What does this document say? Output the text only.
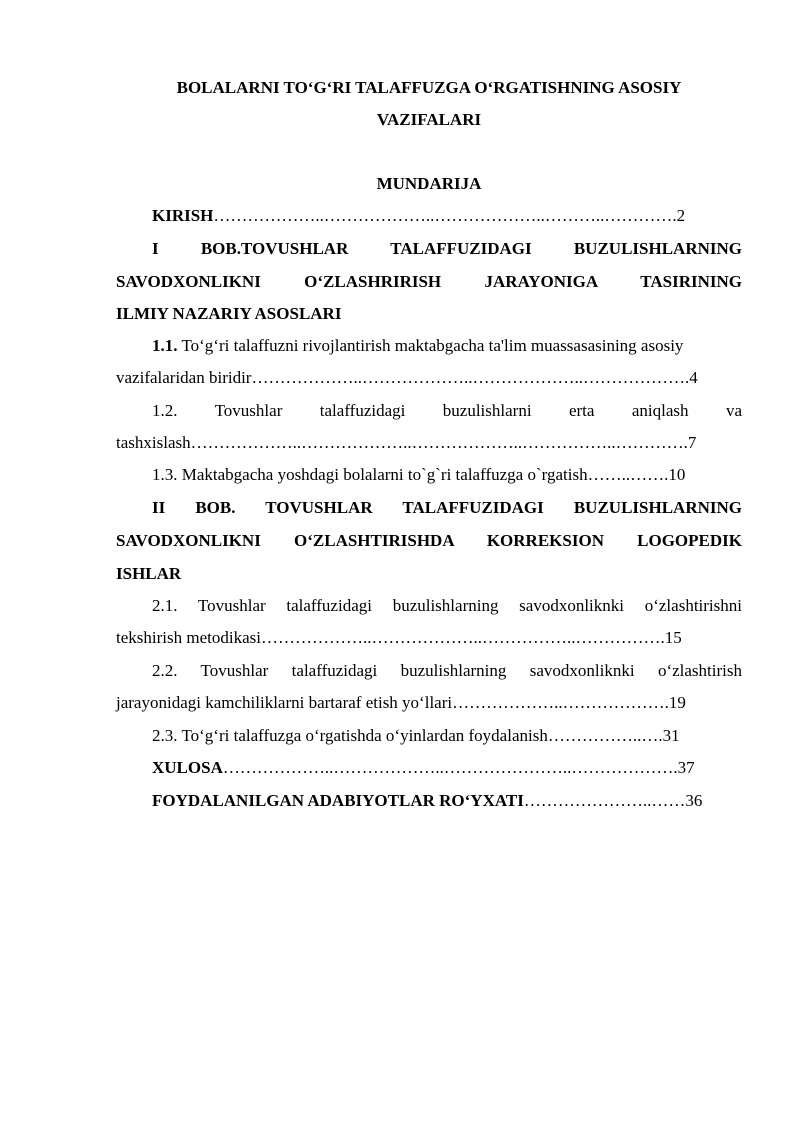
BOLALARNI TO‘G‘RI TALAFFUZGA O‘RGATISHNING ASOSIY
VAZIFALARI
MUNDARIJA
KIRISH………………..………………..………………..………..………….2
I BOB.TOVUSHLAR TALAFFUZIDAGI BUZULISHLARNING
SAVODXONLIKNI O‘ZLASHRIRISH JARAYONIGA TASIRINING
ILMIY NAZARIY ASOSLARI
1.1. To‘g‘ri talaffuzni rivojlantirish maktabgacha ta'lim muassasasining asosiy
vazifalaridan biridir………………..………………..………………..……………….4
1.2. Tovushlar talaffuzidagi buzulishlarni erta aniqlash va
tashxislash………………..………………..………………..……………..………….7
1.3. Maktabgacha yoshdagi bolalarni to`g`ri talaffuzga o`rgatish……..…….10
II BOB. TOVUSHLAR TALAFFUZIDAGI BUZULISHLARNING
SAVODXONLIKNI O‘ZLASHTIRISHDA KORREKSION LOGOPEDIK
ISHLAR
2.1. Tovushlar talaffuzidagi buzulishlarning savodxonliknki o‘zlashtirishni
tekshirish metodikasi………………..………………..……………..…………….15
2.2. Tovushlar talaffuzidagi buzulishlarning savodxonliknki o‘zlashtirish
jarayonidagi kamchiliklarni bartaraf etish yo‘llari………………..……………….19
2.3. To‘g‘ri talaffuzga o‘rgatishda o‘yinlardan foydalanish……………..….31
XULOSA………………..………………..…………………..……………….37
FOYDALANILGAN ADABIYOTLAR RO‘YXATI…………………..……36
